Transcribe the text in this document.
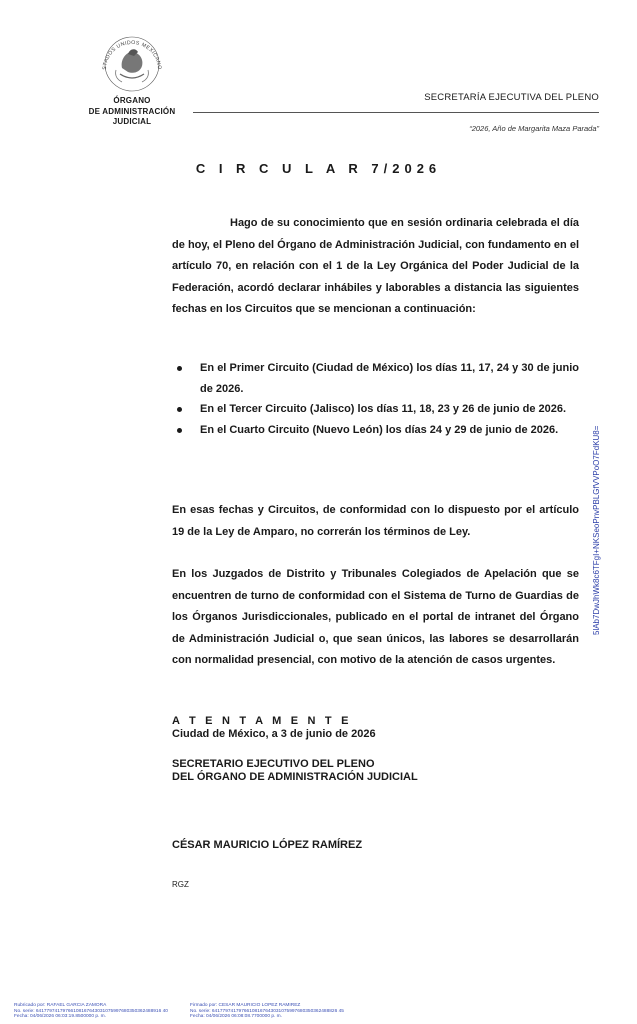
STADOS UNIDOS MEXICANO
ÓRGANO
DE ADMINISTRACIÓN
JUDICIAL
SECRETARÍA EJECUTIVA DEL PLENO
“2026, Año de Margarita Maza Parada”
C I R C U L A R 7/2026
Hago de su conocimiento que en sesión ordinaria celebrada el día de hoy, el Pleno del Órgano de Administración Judicial, con fundamento en el artículo 70, en relación con el 1 de la Ley Orgánica del Poder Judicial de la Federación, acordó declarar inhábiles y laborables a distancia las siguientes fechas en los Circuitos que se mencionan a continuación:
En el Primer Circuito (Ciudad de México) los días 11, 17, 24 y 30 de junio de 2026.
En el Tercer Circuito (Jalisco) los días 11, 18, 23 y 26 de junio de 2026.
En el Cuarto Circuito (Nuevo León) los días 24 y 29 de junio de 2026.
En esas fechas y Circuitos, de conformidad con lo dispuesto por el artículo 19 de la Ley de Amparo, no correrán los términos de Ley.
En los Juzgados de Distrito y Tribunales Colegiados de Apelación que se encuentren de turno de conformidad con el Sistema de Turno de Guardias de los Órganos Jurisdiccionales, publicado en el portal de intranet del Órgano de Administración Judicial o, que sean únicos, las labores se desarrollarán con normalidad presencial, con motivo de la atención de casos urgentes.
A T E N T A M E N T E
Ciudad de México, a 3 de junio de 2026
SECRETARIO EJECUTIVO DEL PLENO
DEL ÓRGANO DE ADMINISTRACIÓN JUDICIAL
CÉSAR MAURICIO LÓPEZ RAMÍREZ
RGZ
5lAb7DwJhWk8c6TFgI+NKSeoPnvPBLGfVVPoO7FdKU8=
Rubricado por: RAFAEL GARCIA ZAMORA
No. serie: 64177974179766108167643031075997680350362488916 40
Fecha: 04/06/2026 06:03:19.8500000 p. m.
Firmado por: CESAR MAURICIO LOPEZ RAMIREZ
No. serie: 64177974179766108167643031075997680350362488826 45
Fecha: 04/06/2026 06:08:08.7700000 p. m.
